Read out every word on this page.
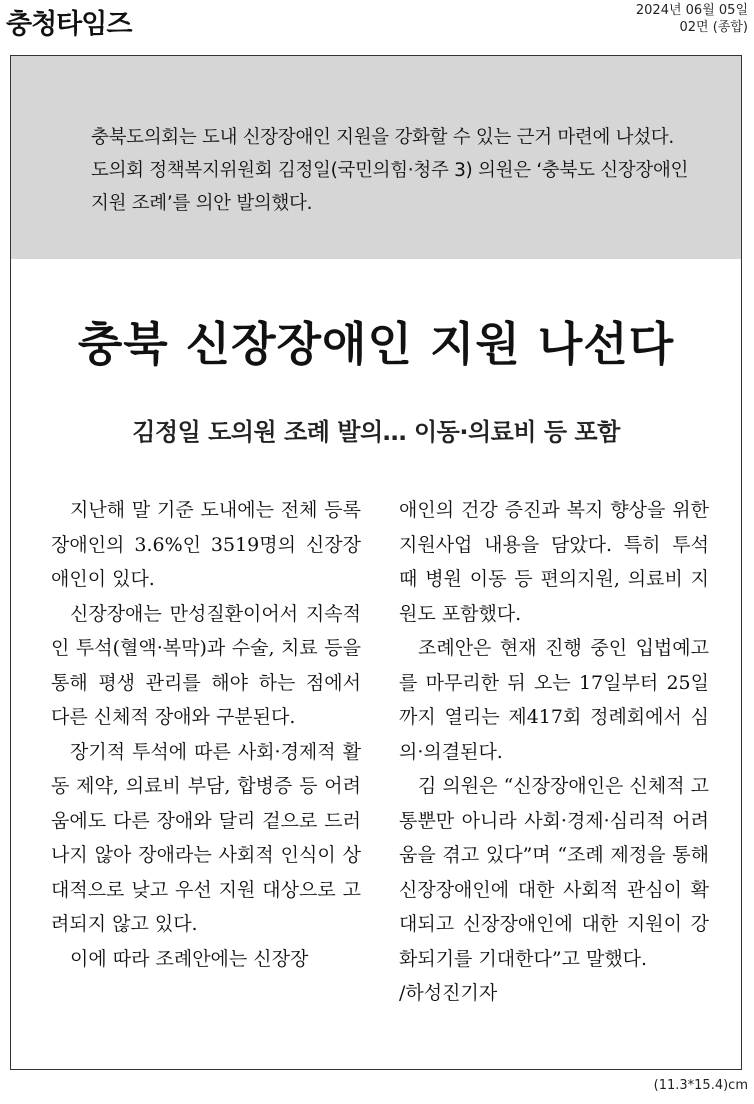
충청타임즈	2024년 06월 05일
02면 (종합)
충북도의회는 도내 신장장애인 지원을 강화할 수 있는 근거 마련에 나섰다. 도의회 정책복지위원회 김정일(국민의힘·청주 3) 의원은 ‘충북도 신장장애인 지원 조례’를 의안 발의했다.
충북 신장장애인 지원 나선다
김정일 도의원 조례 발의… 이동·의료비 등 포함

지난해 말 기준 도내에는 전체 등록장애인의 3.6%인 3519명의 신장장애인이 있다.

신장장애는 만성질환이어서 지속적인 투석(혈액·복막)과 수술, 치료 등을 통해 평생 관리를 해야 하는 점에서 다른 신체적 장애와 구분된다.

장기적 투석에 따른 사회·경제적 활동 제약, 의료비 부담, 합병증 등 어려움에도 다른 장애와 달리 겉으로 드러나지 않아 장애라는 사회적 인식이 상대적으로 낮고 우선 지원 대상으로 고려되지 않고 있다.

이에 따라 조례안에는 신장장

애인의 건강 증진과 복지 향상을 위한 지원사업 내용을 담았다. 특히 투석 때 병원 이동 등 편의지원, 의료비 지원도 포함했다.

조례안은 현재 진행 중인 입법예고를 마무리한 뒤 오는 17일부터 25일까지 열리는 제417회 정례회에서 심의·의결된다.

김 의원은 “신장장애인은 신체적 고통뿐만 아니라 사회·경제·심리적 어려움을 겪고 있다”며 “조례 제정을 통해 신장장애인에 대한 사회적 관심이 확대되고 신장장애인에 대한 지원이 강화되기를 기대한다”고 말했다.

/하성진기자

(11.3*15.4)cm
